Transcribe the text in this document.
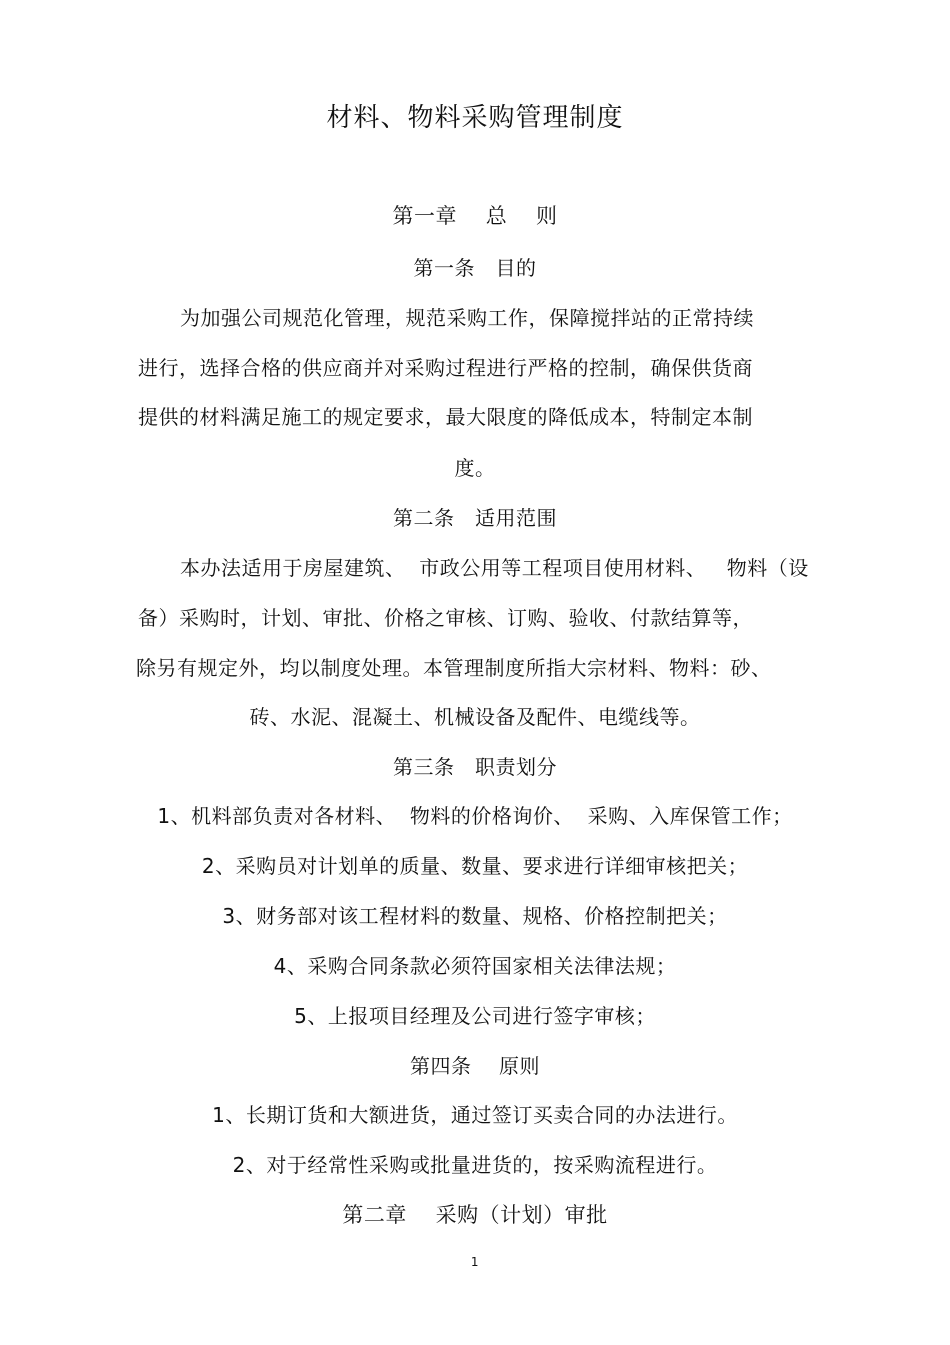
材料、物料采购管理制度
第一章    总    则
第一条   目的
为加强公司规范化管理，规范采购工作，保障搅拌站的正常持续
进行，选择合格的供应商并对采购过程进行严格的控制，确保供货商
提供的材料满足施工的规定要求，最大限度的降低成本，特制定本制
度。
第二条   适用范围
本办法适用于房屋建筑、  市政公用等工程项目使用材料、   物料（设
备）采购时，计划、审批、价格之审核、订购、验收、付款结算等，
除另有规定外，均以制度处理。本管理制度所指大宗材料、物料：砂、
砖、水泥、混凝土、机械设备及配件、电缆线等。
第三条   职责划分
1、机料部负责对各材料、  物料的价格询价、  采购、入库保管工作；
2、采购员对计划单的质量、数量、要求进行详细审核把关；
3、财务部对该工程材料的数量、规格、价格控制把关；
4、采购合同条款必须符国家相关法律法规；
5、上报项目经理及公司进行签字审核；
第四条    原则
1、长期订货和大额进货，通过签订买卖合同的办法进行。
2、对于经常性采购或批量进货的，按采购流程进行。
第二章    采购（计划）审批
1
